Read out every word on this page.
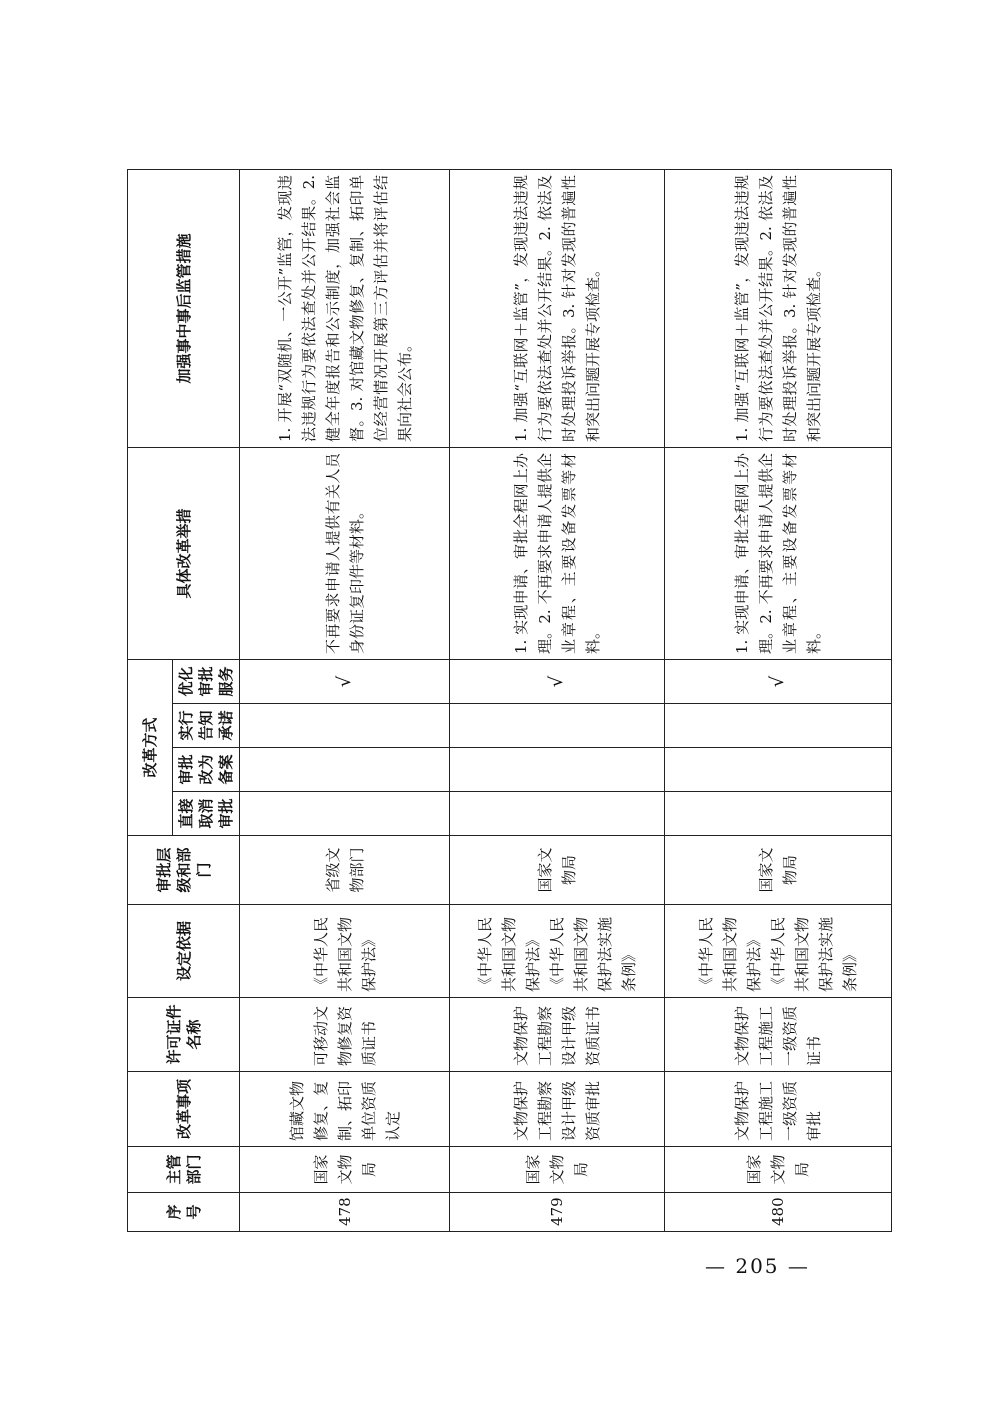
序号	主管部门	改革事项	许可证件名称	设定依据	审批层级和部门	改革方式				具体改革举措	加强事中事后监管措施
						直接取消审批	审批改为备案	实行告知承诺	优化审批服务		
478	国家文物局	馆藏文物修复、复制、拓印单位资质认定	可移动文物修复资质证书	《中华人民共和国文物保护法》	省级文物部门				√	不再要求申请人提供有关人员身份证复印件等材料。	1. 开展“双随机、一公开”监管，发现违法违规行为要依法查处并公开结果。2. 健全年度报告和公示制度，加强社会监督。3. 对馆藏文物修复、复制、拓印单位经营情况开展第三方评估并将评估结果向社会公布。
479	国家文物局	文物保护工程勘察设计甲级资质审批	文物保护工程勘察设计甲级资质证书	《中华人民共和国文物保护法》《中华人民共和国文物保护法实施条例》	国家文物局				√	1. 实现申请、审批全程网上办理。2. 不再要求申请人提供企业章程、主要设备发票等材料。	1. 加强“互联网＋监管”，发现违法违规行为要依法查处并公开结果。2. 依法及时处理投诉举报。3. 针对发现的普遍性和突出问题开展专项检查。
480	国家文物局	文物保护工程施工一级资质审批	文物保护工程施工一级资质证书	《中华人民共和国文物保护法》《中华人民共和国文物保护法实施条例》	国家文物局				√	1. 实现申请、审批全程网上办理。2. 不再要求申请人提供企业章程、主要设备发票等材料。	1. 加强“互联网＋监管”，发现违法违规行为要依法查处并公开结果。2. 依法及时处理投诉举报。3. 针对发现的普遍性和突出问题开展专项检查。
— 205 —
